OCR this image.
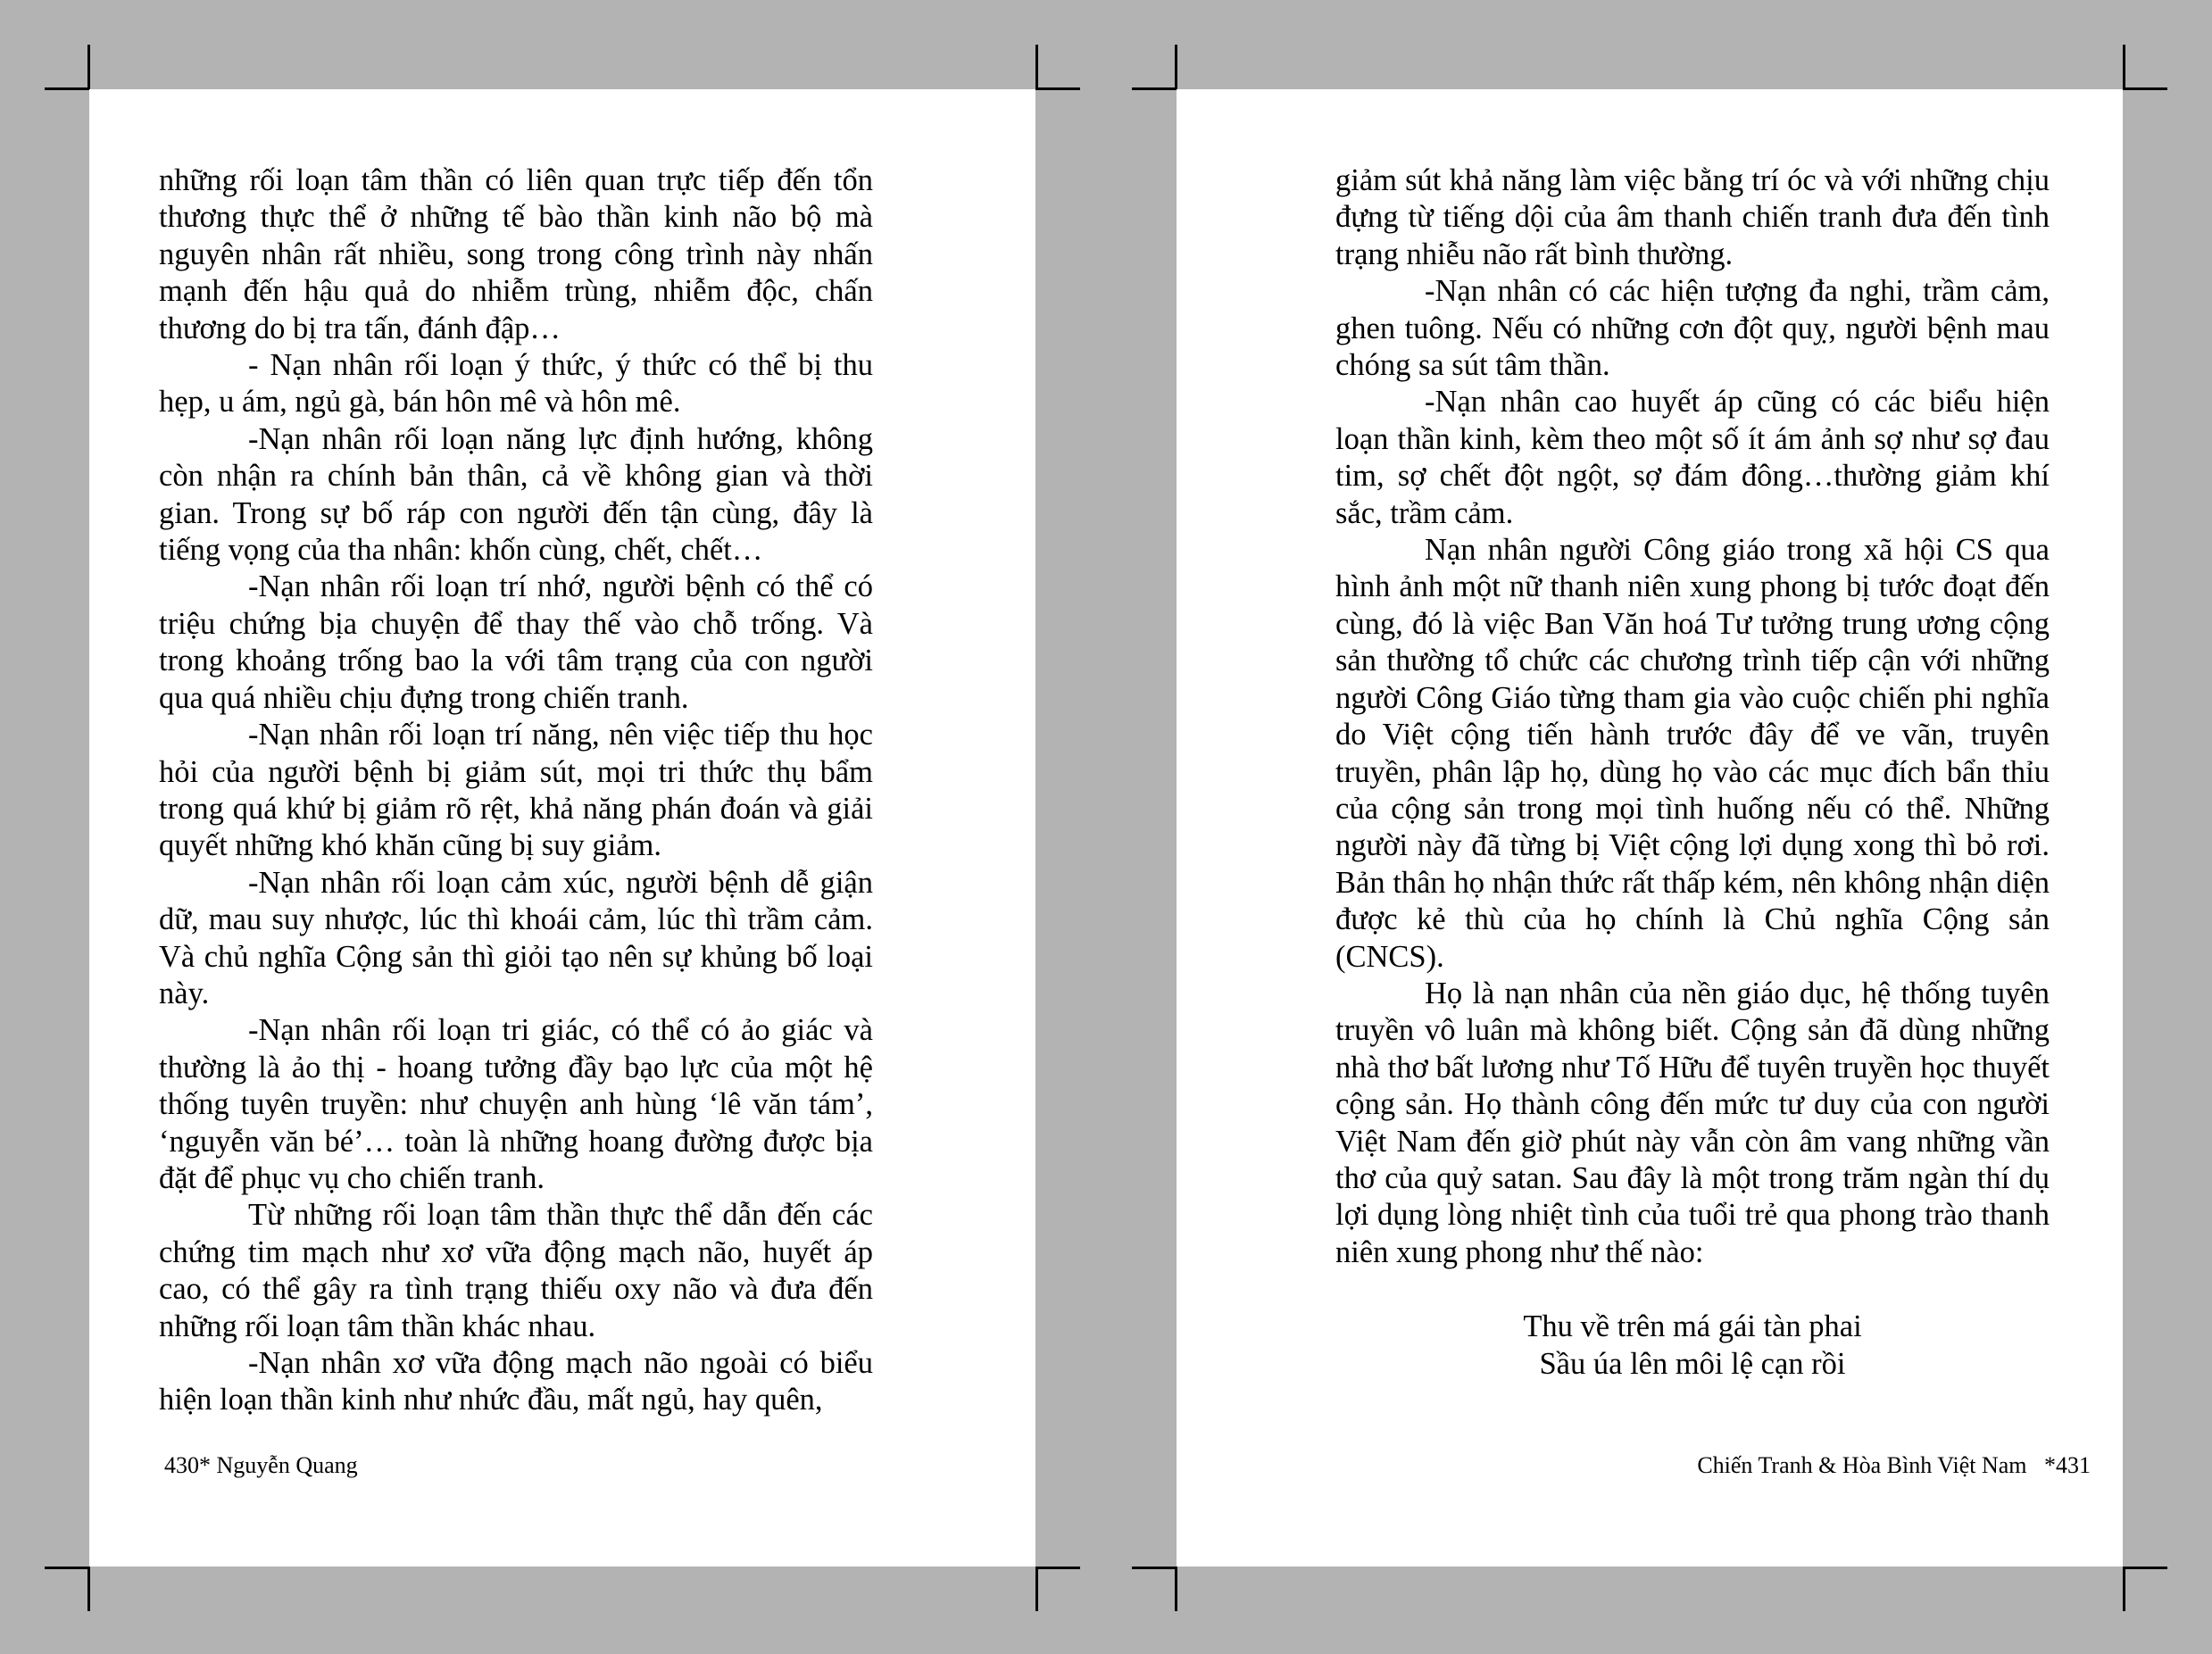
những rối loạn tâm thần có liên quan trực tiếp đến tổn thương thực thể ở những tế bào thần kinh não bộ mà nguyên nhân rất nhiều, song trong công trình này nhấn mạnh đến hậu quả do nhiễm trùng, nhiễm độc, chấn thương do bị tra tấn, đánh đập…

- Nạn nhân rối loạn ý thức, ý thức có thể bị thu hẹp, u ám, ngủ gà, bán hôn mê và hôn mê.

-Nạn nhân rối loạn năng lực định hướng, không còn nhận ra chính bản thân, cả về không gian và thời gian. Trong sự bố ráp con người đến tận cùng, đây là tiếng vọng của tha nhân: khốn cùng, chết, chết…

-Nạn nhân rối loạn trí nhớ, người bệnh có thể có triệu chứng bịa chuyện để thay thế vào chỗ trống. Và trong khoảng trống bao la với tâm trạng của con người qua quá nhiều chịu đựng trong chiến tranh.

-Nạn nhân rối loạn trí năng, nên việc tiếp thu học hỏi của người bệnh bị giảm sút, mọi tri thức thụ bẩm trong quá khứ bị giảm rõ rệt, khả năng phán đoán và giải quyết những khó khăn cũng bị suy giảm.

-Nạn nhân rối loạn cảm xúc, người bệnh dễ giận dữ, mau suy nhược, lúc thì khoái cảm, lúc thì trầm cảm. Và chủ nghĩa Cộng sản thì giỏi tạo nên sự khủng bố loại này.

-Nạn nhân rối loạn tri giác, có thể có ảo giác và thường là ảo thị - hoang tưởng đầy bạo lực của một hệ thống tuyên truyền: như chuyện anh hùng ‘lê văn tám’, ‘nguyễn văn bé’… toàn là những hoang đường được bịa đặt để phục vụ cho chiến tranh.

Từ những rối loạn tâm thần thực thể dẫn đến các chứng tim mạch như xơ vữa động mạch não, huyết áp cao, có thể gây ra tình trạng thiếu oxy não và đưa đến những rối loạn tâm thần khác nhau.

-Nạn nhân xơ vữa động mạch não ngoài có biểu hiện loạn thần kinh như nhức đầu, mất ngủ, hay quên,

430* Nguyễn Quang

giảm sút khả năng làm việc bằng trí óc và với những chịu đựng từ tiếng dội của âm thanh chiến tranh đưa đến tình trạng nhiễu não rất bình thường.

-Nạn nhân có các hiện tượng đa nghi, trầm cảm, ghen tuông. Nếu có những cơn đột quỵ, người bệnh mau chóng sa sút tâm thần.

-Nạn nhân cao huyết áp cũng có các biểu hiện loạn thần kinh, kèm theo một số ít ám ảnh sợ như sợ đau tim, sợ chết đột ngột, sợ đám đông…thường giảm khí sắc, trầm cảm.

Nạn nhân người Công giáo trong xã hội CS qua hình ảnh một nữ thanh niên xung phong bị tước đoạt đến cùng, đó là việc Ban Văn hoá Tư tưởng trung ương cộng sản thường tổ chức các chương trình tiếp cận với những người Công Giáo từng tham gia vào cuộc chiến phi nghĩa do Việt cộng tiến hành trước đây để ve vãn, truyên truyền, phân lập họ, dùng họ vào các mục đích bẩn thỉu của cộng sản trong mọi tình huống nếu có thể. Những người này đã từng bị Việt cộng lợi dụng xong thì bỏ rơi. Bản thân họ nhận thức rất thấp kém, nên không nhận diện được kẻ thù của họ chính là Chủ nghĩa Cộng sản (CNCS).

Họ là nạn nhân của nền giáo dục, hệ thống tuyên truyền vô luân mà không biết. Cộng sản đã dùng những nhà thơ bất lương như Tố Hữu để tuyên truyền học thuyết cộng sản. Họ thành công đến mức tư duy của con người Việt Nam đến giờ phút này vẫn còn âm vang những vần thơ của quỷ satan. Sau đây là một trong trăm ngàn thí dụ lợi dụng lòng nhiệt tình của tuổi trẻ qua phong trào thanh niên xung phong như thế nào:

Thu về trên má gái tàn phai
Sầu úa lên môi lệ cạn rồi
Chiến Tranh & Hòa Bình Việt Nam   *431
